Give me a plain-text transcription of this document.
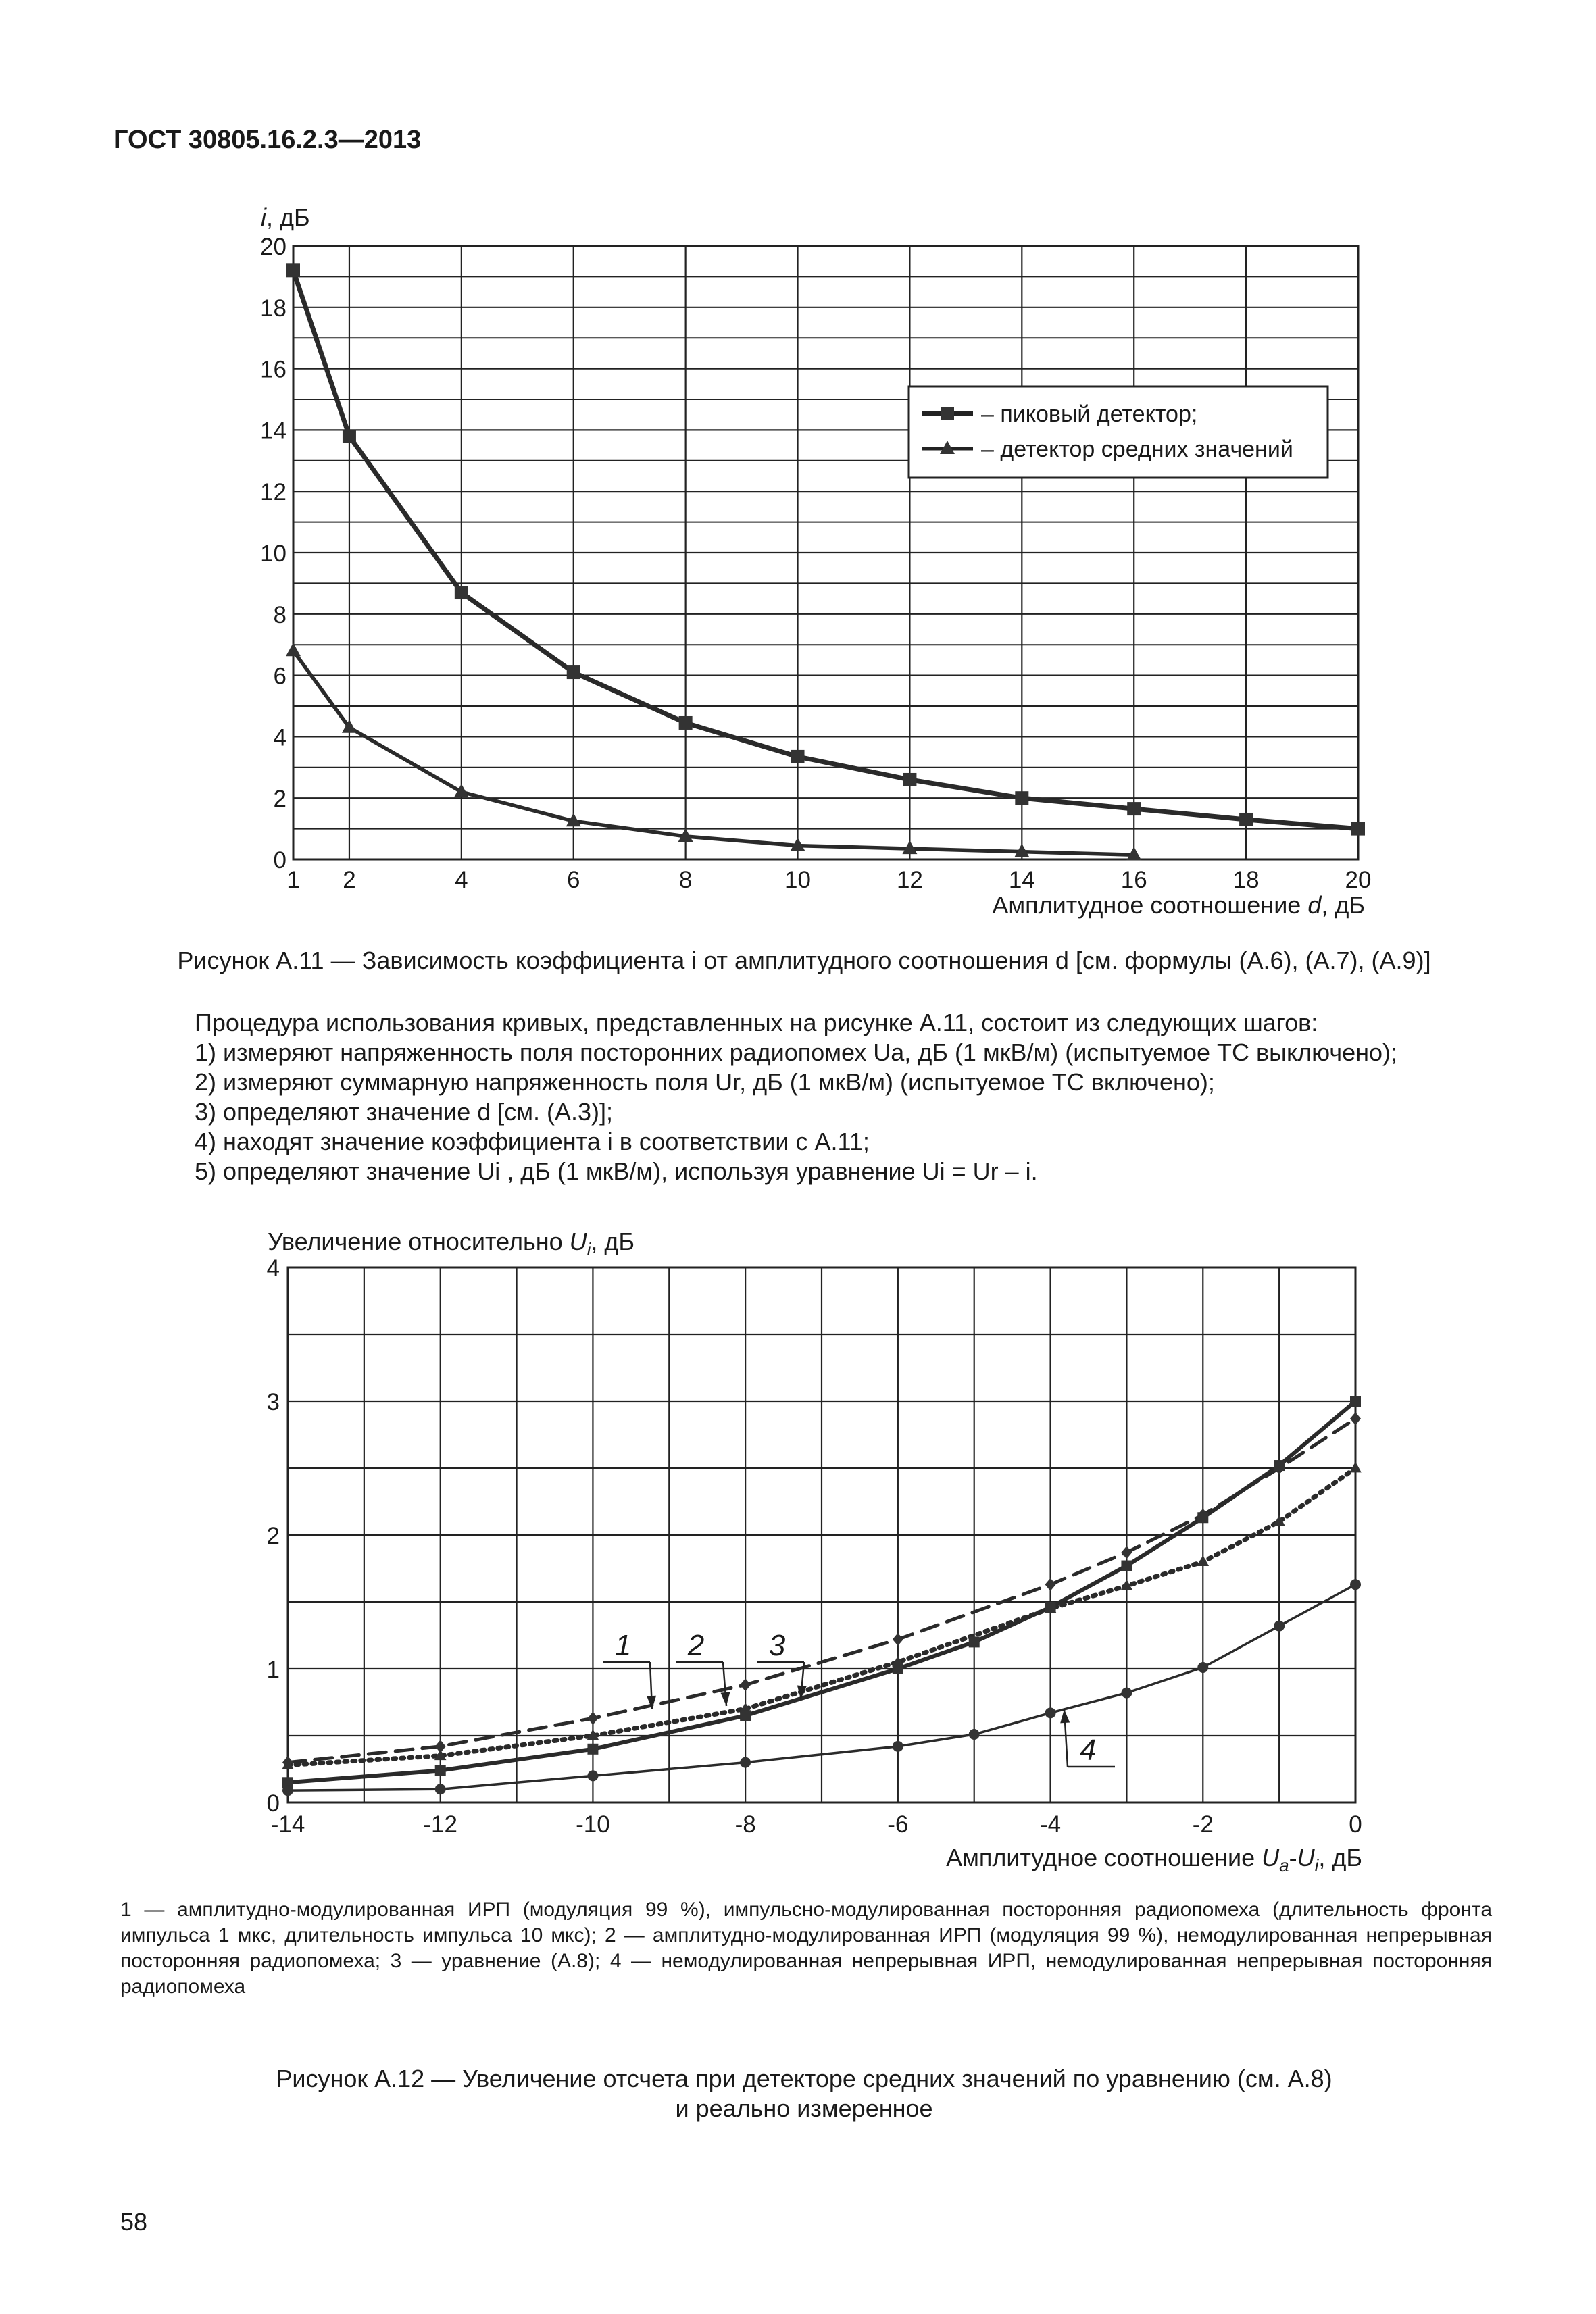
ГОСТ 30805.16.2.3—2013
0
2
4
6
8
10
12
14
16
18
20
1 2	4	6	8	10	12	14	16	18	20
i, дБ
Амплитудное соотношение d, дБ
– пиковый детектор;
– детектор средних значений
Рисунок А.11 — Зависимость коэффициента i от амплитудного соотношения d [см. формулы (А.6), (А.7), (А.9)]
Процедура использования кривых, представленных на рисунке А.11, состоит из следующих шагов:
1) измеряют напряженность поля посторонних радиопомех Ua, дБ (1 мкВ/м) (испытуемое ТС выключено);
2) измеряют суммарную напряженность поля Ur, дБ (1 мкВ/м) (испытуемое ТС включено);
3) определяют значение d [см. (А.3)];
4) находят значение коэффициента i в соответствии с А.11;
5) определяют значение Ui , дБ (1 мкВ/м), используя уравнение Ui = Ur – i.
0
1
2
3
4
-14	-12	-10	-8	-6	-4	-2	0
Увеличение относительно $U_i$, дБ
Амплитудное соотношение $U_a-U_i$, дБ
1 2 3
4
1 — амплитудно-модулированная ИРП (модуляция 99 %), импульсно-модулированная посторонняя радиопомеха (длительность фронта импульса 1 мкс, длительность импульса 10 мкс); 2 — амплитудно-модулированная ИРП (модуляция 99 %), немодулированная непрерывная посторонняя радиопомеха; 3 — уравнение (А.8); 4 — немодулированная непрерывная ИРП, немодулированная непрерывная посторонняя радиопомеха
Рисунок А.12 — Увеличение отсчета при детекторе средних значений по уравнению (см. А.8)
и реально измеренное
58
